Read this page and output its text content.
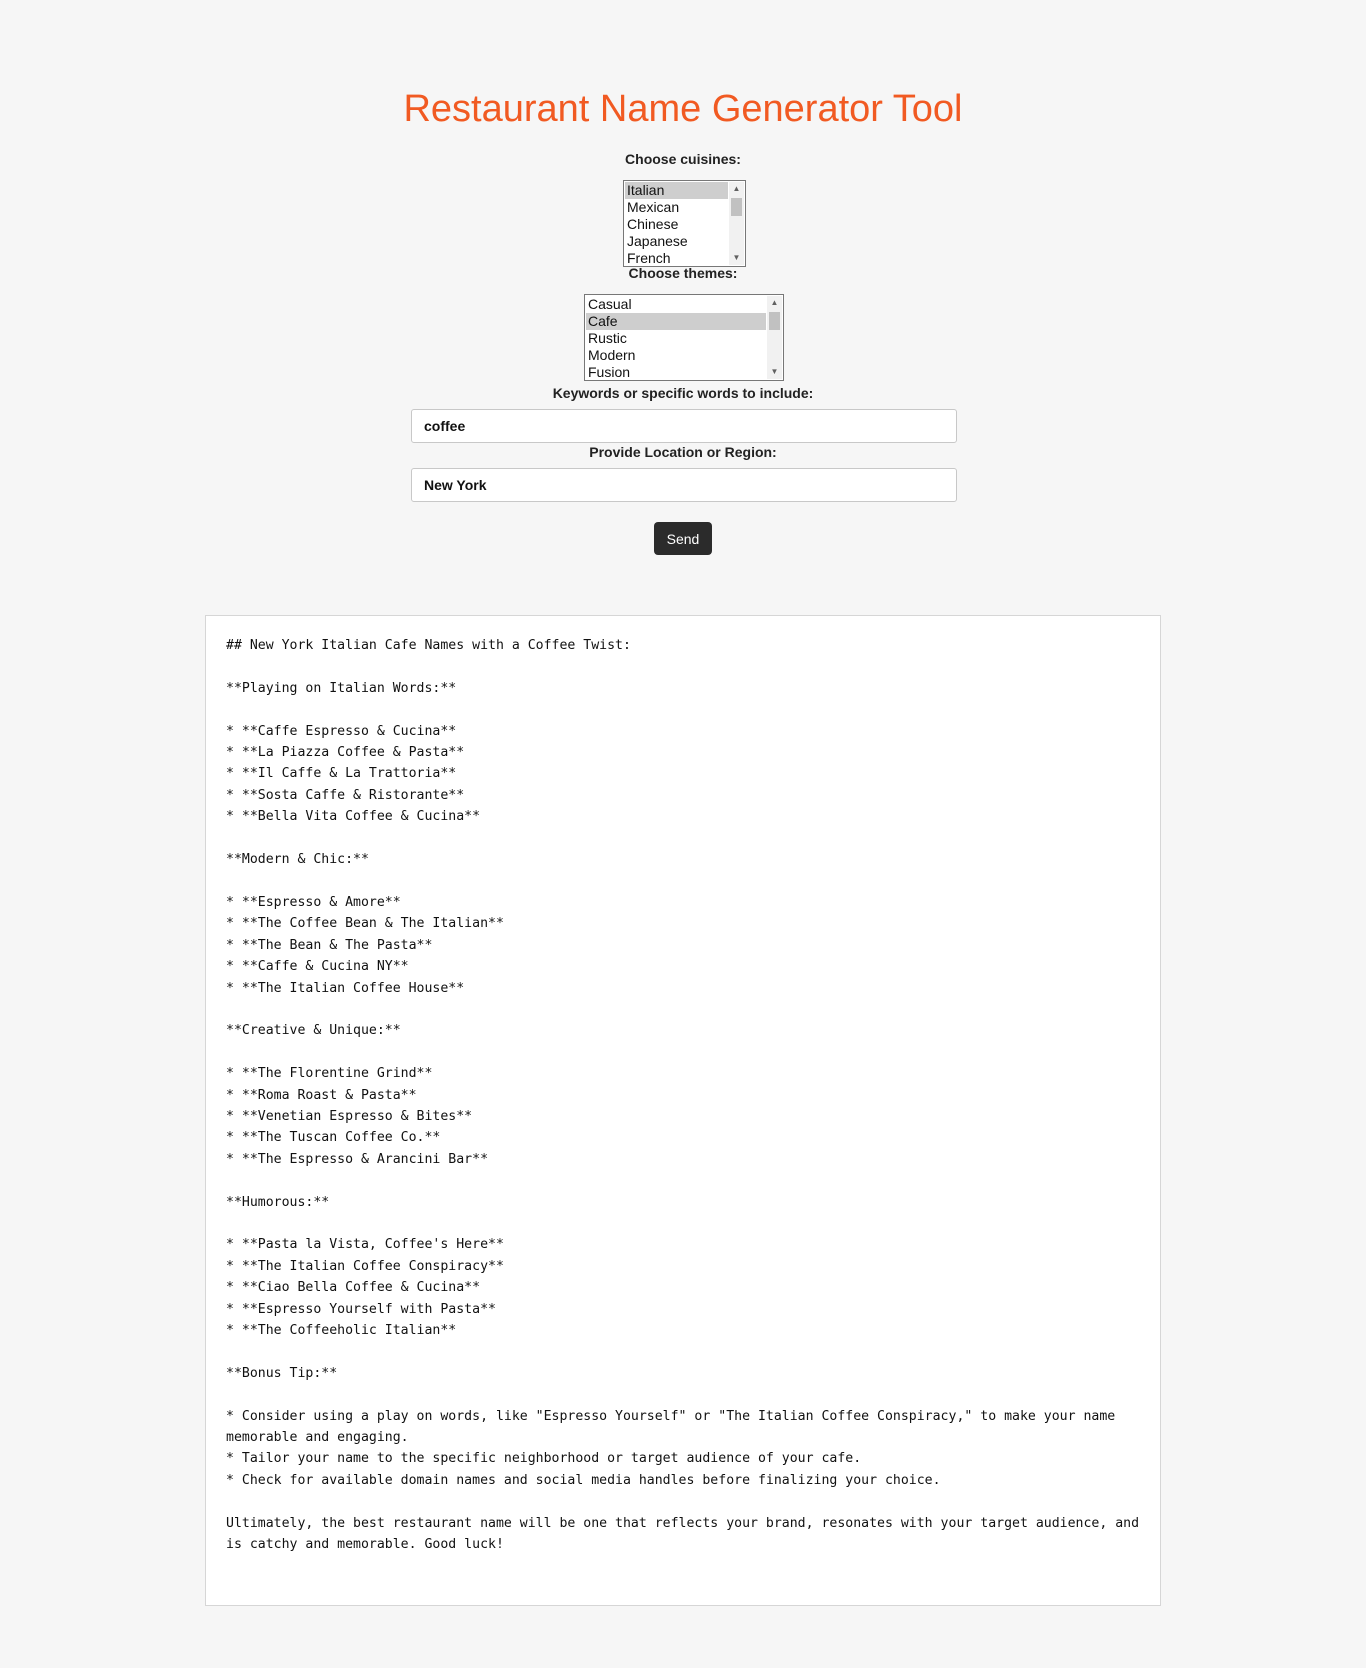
Restaurant Name Generator Tool
Choose cuisines:
Italian
Mexican
Chinese
Japanese
French
▲
▼
Choose themes:
Casual
Cafe
Rustic
Modern
Fusion
▲
▼
Keywords or specific words to include:
coffee
Provide Location or Region:
New York
Send
## New York Italian Cafe Names with a Coffee Twist:

**Playing on Italian Words:**

* **Caffe Espresso & Cucina**
* **La Piazza Coffee & Pasta**
* **Il Caffe & La Trattoria**
* **Sosta Caffe & Ristorante**
* **Bella Vita Coffee & Cucina**

**Modern & Chic:**

* **Espresso & Amore**
* **The Coffee Bean & The Italian**
* **The Bean & The Pasta**
* **Caffe & Cucina NY**
* **The Italian Coffee House**

**Creative & Unique:**

* **The Florentine Grind**
* **Roma Roast & Pasta**
* **Venetian Espresso & Bites**
* **The Tuscan Coffee Co.**
* **The Espresso & Arancini Bar**

**Humorous:**

* **Pasta la Vista, Coffee's Here**
* **The Italian Coffee Conspiracy**
* **Ciao Bella Coffee & Cucina**
* **Espresso Yourself with Pasta**
* **The Coffeeholic Italian**

**Bonus Tip:**

* Consider using a play on words, like "Espresso Yourself" or "The Italian Coffee Conspiracy," to make your name memorable and engaging.
* Tailor your name to the specific neighborhood or target audience of your cafe.
* Check for available domain names and social media handles before finalizing your choice.

Ultimately, the best restaurant name will be one that reflects your brand, resonates with your target audience, and is catchy and memorable. Good luck!
